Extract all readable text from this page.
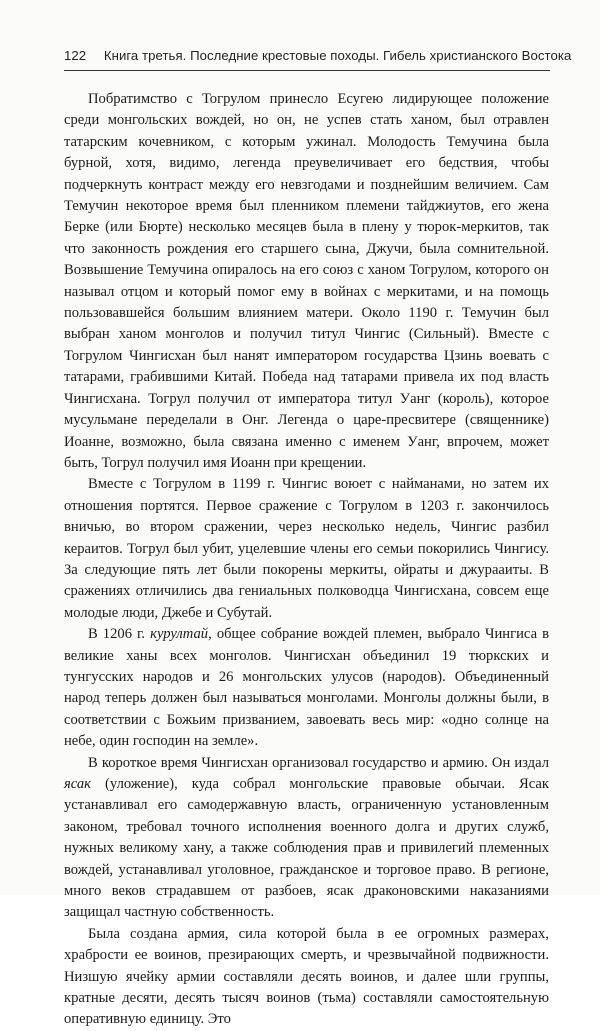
122 Книга третья. Последние крестовые походы. Гибель христианского Востока

Побратимство с Тогрулом принесло Есугею лидирующее положение среди монгольских вождей, но он, не успев стать ханом, был отравлен татарским кочевником, с которым ужинал. Молодость Темучина была бурной, хотя, видимо, легенда преувеличивает его бедствия, чтобы подчеркнуть контраст между его невзгодами и позднейшим величием. Сам Темучин некоторое время был пленником племени тайджиутов, его жена Берке (или Бюрте) несколько месяцев была в плену у тюрок-меркитов, так что законность рождения его старшего сына, Джучи, была сомнительной. Возвышение Темучина опиралось на его союз с ханом Тогрулом, которого он называл отцом и который помог ему в войнах с меркитами, и на помощь пользовавшейся большим влиянием матери. Около 1190 г. Темучин был выбран ханом монголов и получил титул Чингис (Сильный). Вместе с Тогрулом Чингисхан был нанят императором государства Цзинь воевать с татарами, грабившими Китай. Победа над татарами привела их под власть Чингисхана. Тогрул получил от императора титул Уанг (король), которое мусульмане переделали в Онг. Легенда о царе-пресвитере (священнике) Иоанне, возможно, была связана именно с именем Уанг, впрочем, может быть, Тогрул получил имя Иоанн при крещении.

Вместе с Тогрулом в 1199 г. Чингис воюет с найманами, но затем их отношения портятся. Первое сражение с Тогрулом в 1203 г. закончилось вничью, во втором сражении, через несколько недель, Чингис разбил кераитов. Тогрул был убит, уцелевшие члены его семьи покорились Чингису. За следующие пять лет были покорены меркиты, ойраты и джурааиты. В сражениях отличились два гениальных полководца Чингисхана, совсем еще молодые люди, Джебе и Субутай.

В 1206 г. курултай, общее собрание вождей племен, выбрало Чингиса в великие ханы всех монголов. Чингисхан объединил 19 тюркских и тунгусских народов и 26 монгольских улусов (народов). Объединенный народ теперь должен был называться монголами. Монголы должны были, в соответствии с Божьим призванием, завоевать весь мир: «одно солнце на небе, один господин на земле».

В короткое время Чингисхан организовал государство и армию. Он издал ясак (уложение), куда собрал монгольские правовые обычаи. Ясак устанавливал его самодержавную власть, ограниченную установленным законом, требовал точного исполнения военного долга и других служб, нужных великому хану, а также соблюдения прав и привилегий племенных вождей, устанавливал уголовное, гражданское и торговое право. В регионе, много веков страдавшем от разбоев, ясак драконовскими наказаниями защищал частную собственность.

Была создана армия, сила которой была в ее огромных размерах, храбрости ее воинов, презирающих смерть, и чрезвычайной подвижности. Низшую ячейку армии составляли десять воинов, и далее шли группы, кратные десяти, десять тысяч воинов (тьма) составляли самостоятельную оперативную единицу. Это
